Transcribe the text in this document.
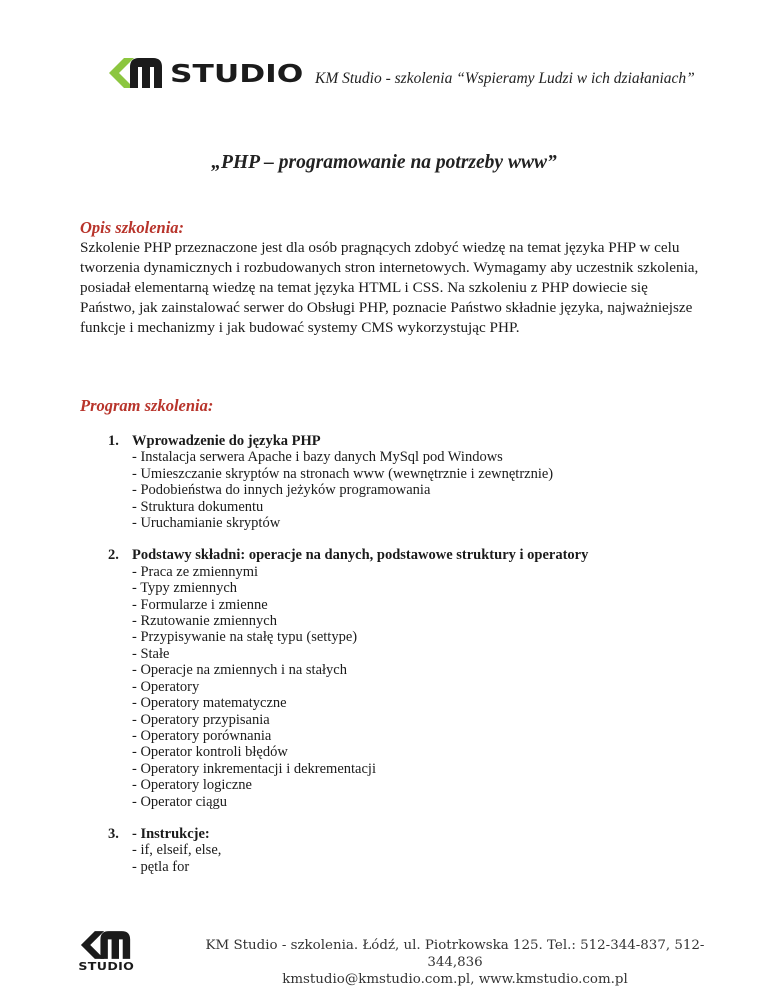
STUDIO KM Studio - szkolenia “Wspieramy Ludzi w ich działaniach”
„PHP – programowanie na potrzeby www”
Opis szkolenia:
Szkolenie PHP przeznaczone jest dla osób pragnących zdobyć wiedzę na temat języka PHP w celu tworzenia dynamicznych i rozbudowanych stron internetowych. Wymagamy aby uczestnik szkolenia, posiadał elementarną wiedzę na temat języka HTML i CSS. Na szkoleniu z PHP dowiecie się Państwo, jak zainstalować serwer do Obsługi PHP, poznacie Państwo składnie języka, najważniejsze funkcje i mechanizmy i jak budować systemy CMS wykorzystując PHP.
Program szkolenia:
1. Wprowadzenie do języka PHP
- Instalacja serwera Apache i bazy danych MySql pod Windows
- Umieszczanie skryptów na stronach www (wewnętrznie i zewnętrznie)
- Podobieństwa do innych jeżyków programowania
- Struktura dokumentu
- Uruchamianie skryptów
2. Podstawy składni: operacje na danych, podstawowe struktury i operatory
- Praca ze zmiennymi
- Typy zmiennych
- Formularze i zmienne
- Rzutowanie zmiennych
- Przypisywanie na stałę typu (settype)
- Stałe
- Operacje na zmiennych i na stałych
- Operatory
- Operatory matematyczne
- Operatory przypisania
- Operatory porównania
- Operator kontroli błędów
- Operatory inkrementacji i dekrementacji
- Operatory logiczne
- Operator ciągu
3. - Instrukcje:
- if, elseif, else,
- pętla for
STUDIO
KM Studio - szkolenia. Łódź, ul. Piotrkowska 125. Tel.: 512-344-837, 512-344,836
kmstudio@kmstudio.com.pl, www.kmstudio.com.pl
